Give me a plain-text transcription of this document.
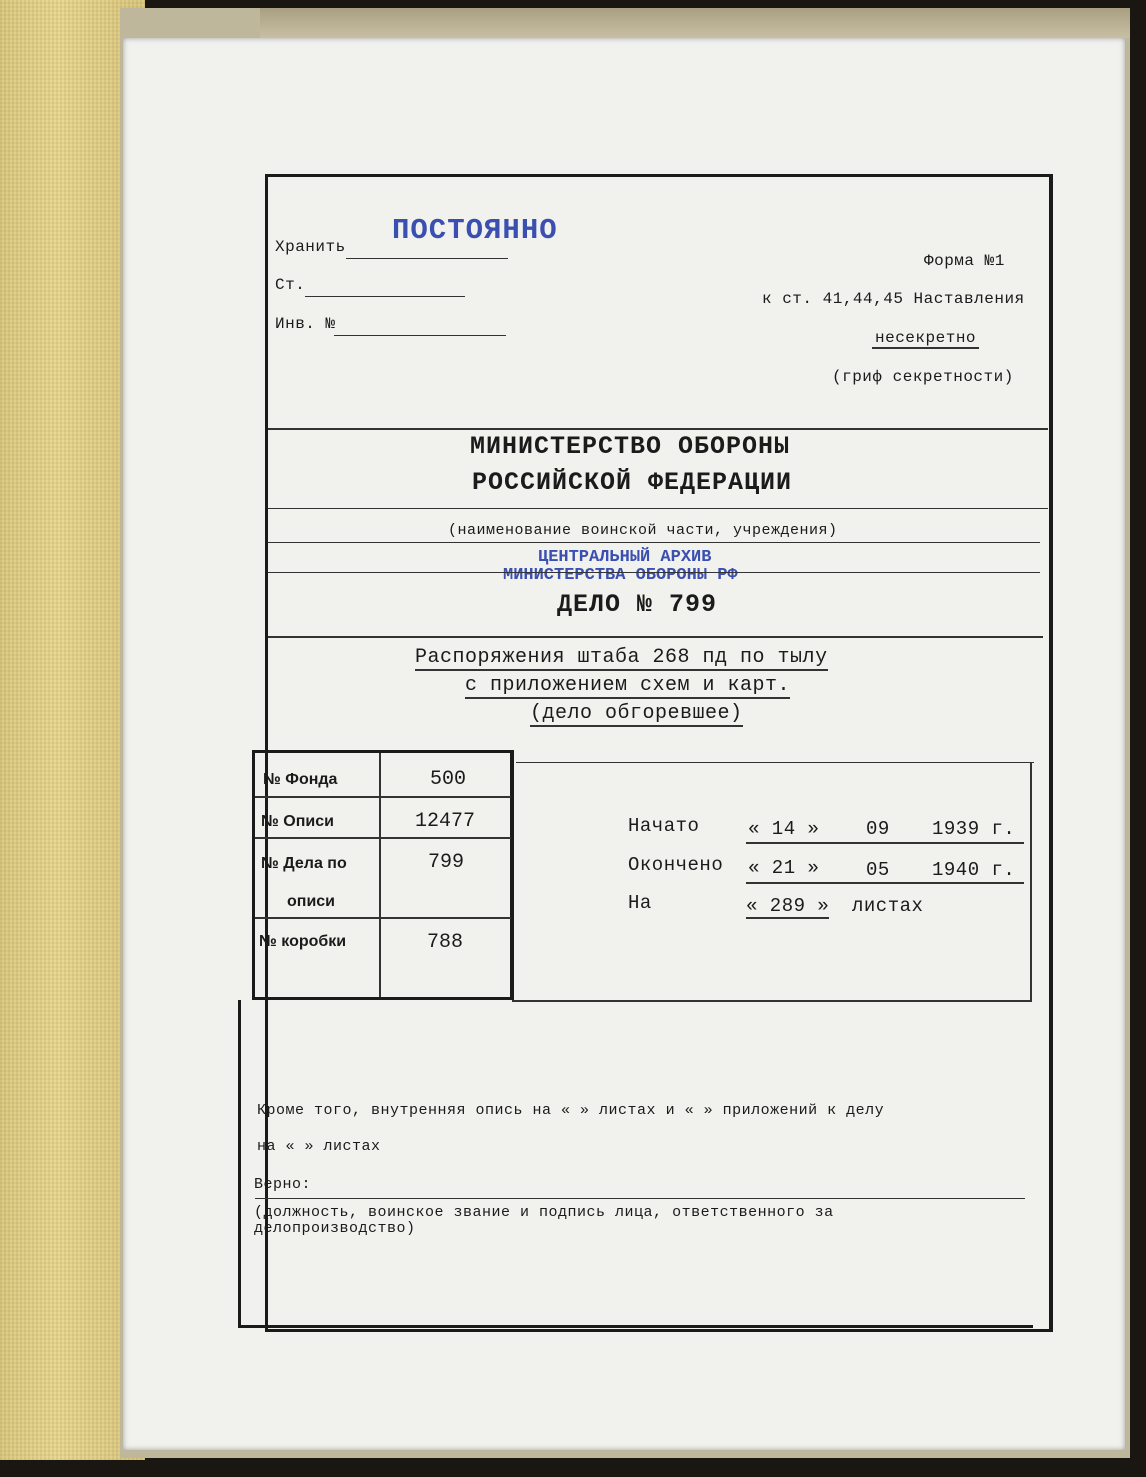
Хранить ПОСТОЯННО
Ст.
Инв. №
Форма №1
к ст. 41,44,45 Наставления
несекретно
(гриф секретности)
МИНИСТЕРСТВО ОБОРОНЫ
РОССИЙСКОЙ ФЕДЕРАЦИИ
(наименование воинской части, учреждения)
ЦЕНТРАЛЬНЫЙ АРХИВ
МИНИСТЕРСТВА ОБОРОНЫ РФ
ДЕЛО № 799
Распоряжения штаба 268 пд по тылу
с приложением схем и карт.
(дело обгоревшее)
№ Фонда	500
№ Описи	12477
№ Дела по
описи
799
№ коробки	788
Начато	« 14 » 09 1939 г.
Окончено « 21 » 05 1940 г.
На	« 289 » листах
Кроме того, внутренняя опись на « » листах и « » приложений к делу
на « » листах
Верно:
(должность, воинское звание и подпись лица, ответственного за
делопроизводство)
